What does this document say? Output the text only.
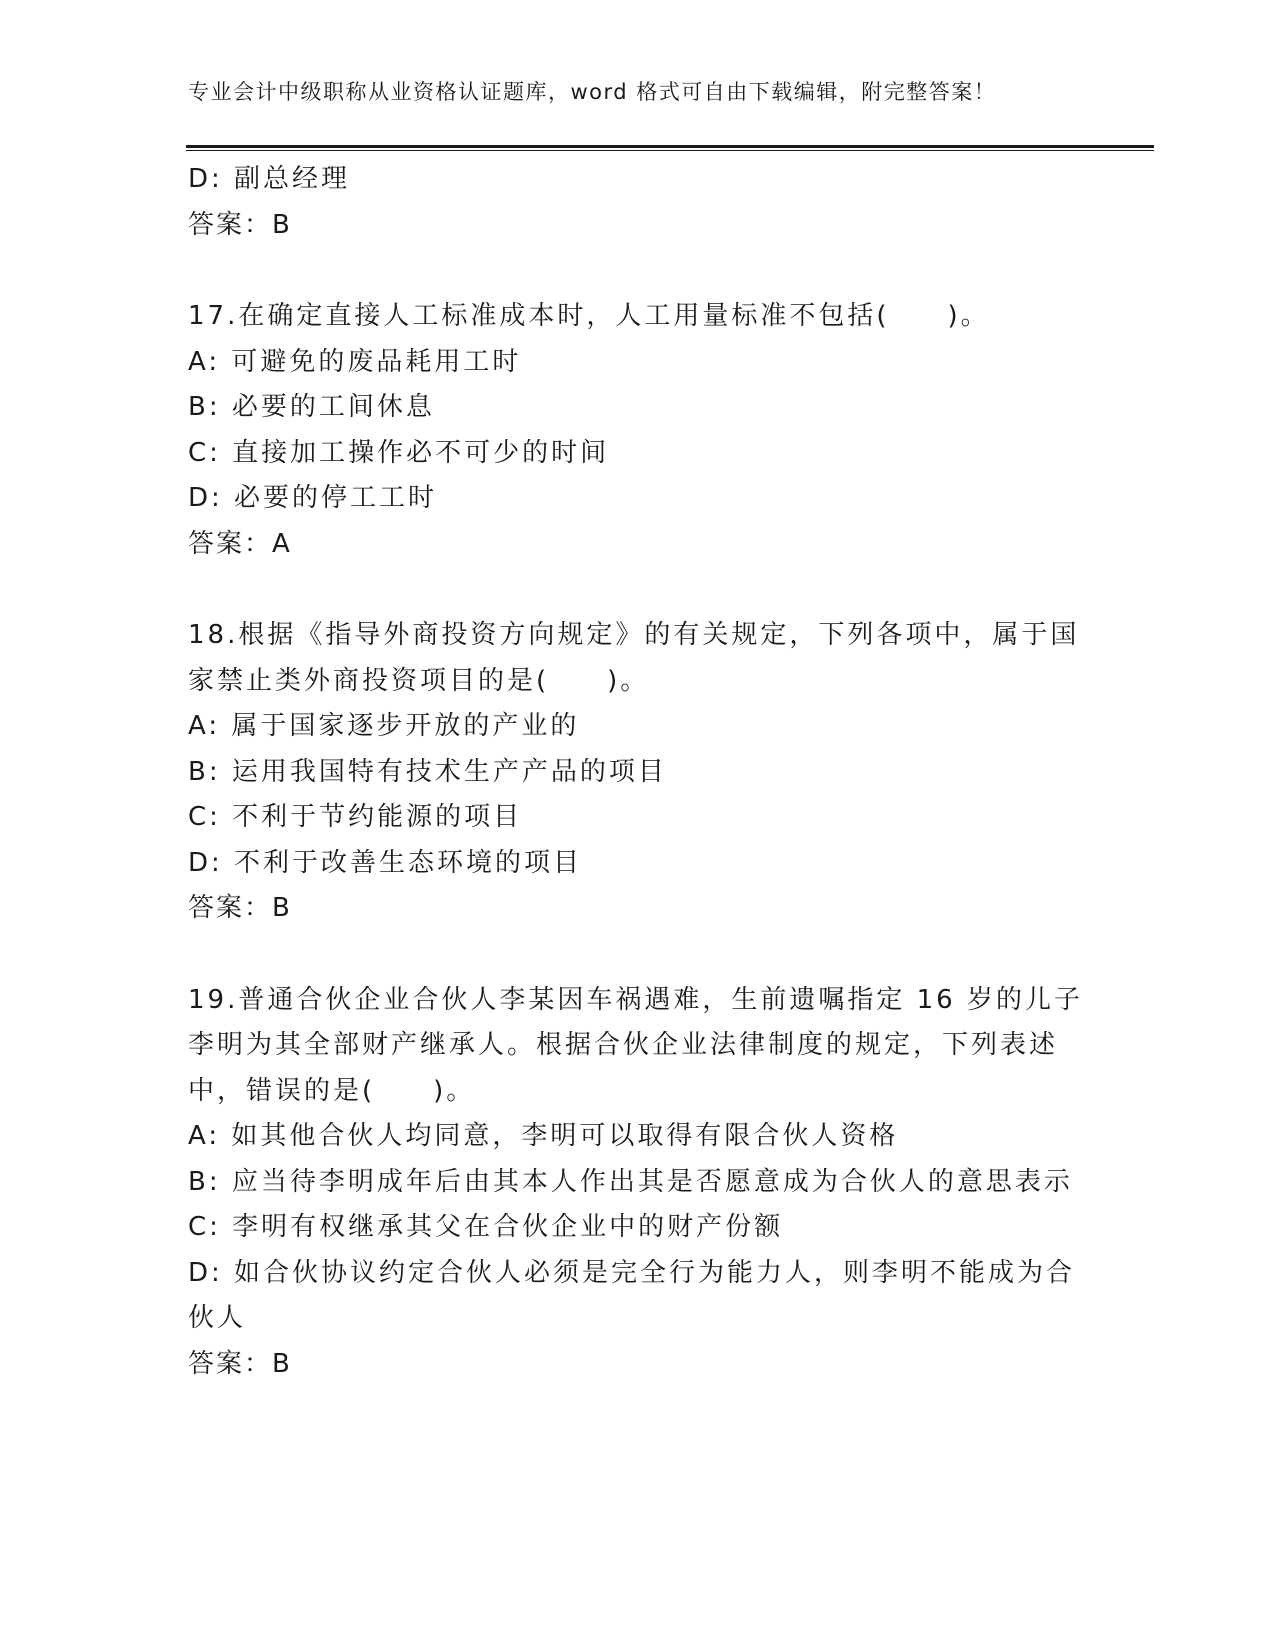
专业会计中级职称从业资格认证题库，word 格式可自由下载编辑，附完整答案！
D: 副总经理
答案：B
17.在确定直接人工标准成本时，人工用量标准不包括(　　)。
A: 可避免的废品耗用工时
B: 必要的工间休息
C: 直接加工操作必不可少的时间
D: 必要的停工工时
答案：A
18.根据《指导外商投资方向规定》的有关规定，下列各项中，属于国
家禁止类外商投资项目的是(　　)。
A: 属于国家逐步开放的产业的
B: 运用我国特有技术生产产品的项目
C: 不利于节约能源的项目
D: 不利于改善生态环境的项目
答案：B
19.普通合伙企业合伙人李某因车祸遇难，生前遗嘱指定 16 岁的儿子
李明为其全部财产继承人。根据合伙企业法律制度的规定，下列表述
中，错误的是(　　)。
A: 如其他合伙人均同意，李明可以取得有限合伙人资格
B: 应当待李明成年后由其本人作出其是否愿意成为合伙人的意思表示
C: 李明有权继承其父在合伙企业中的财产份额
D: 如合伙协议约定合伙人必须是完全行为能力人，则李明不能成为合
伙人
答案：B
